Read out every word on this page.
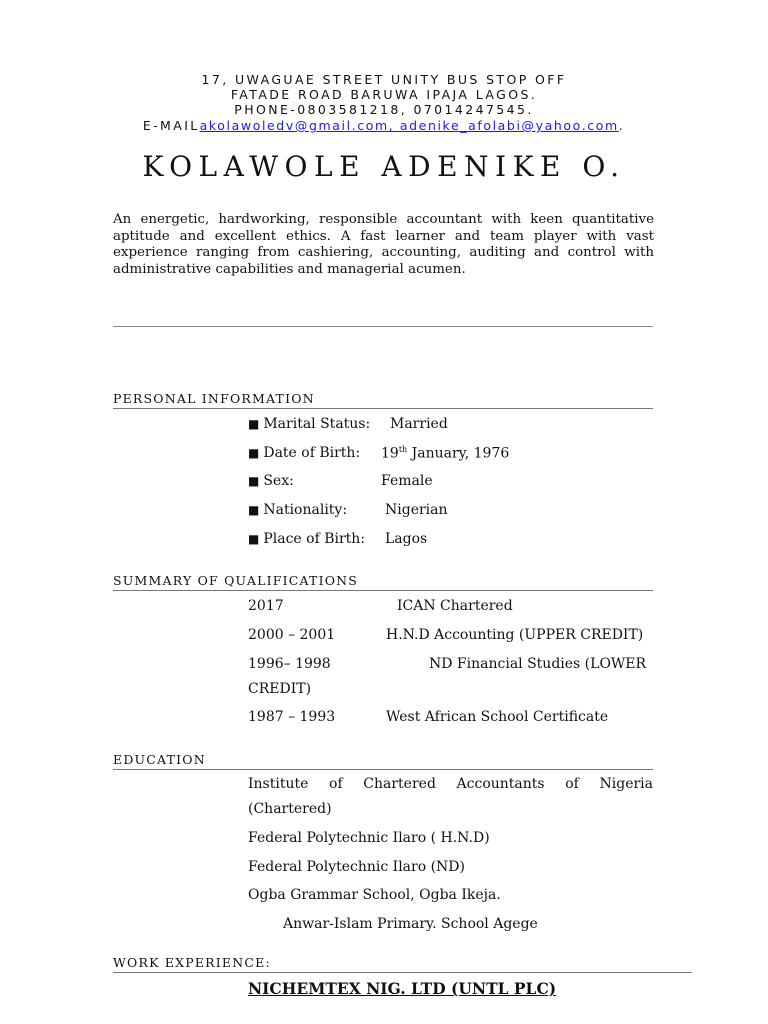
17, UWAGUAE STREET UNITY BUS STOP OFF
FATADE ROAD BARUWA IPAJA LAGOS.
PHONE-0803581218, 07014247545.
E-MAILakolawoledv@gmail.com, adenike_afolabi@yahoo.com.
KOLAWOLE ADENIKE O.
An energetic, hardworking, responsible accountant with keen quantitative aptitude and excellent ethics. A fast learner and team player with vast experience ranging from cashiering, accounting, auditing and control with administrative capabilities and managerial acumen.
PERSONAL INFORMATION
■ Marital Status: Married
■ Date of Birth: 19th January, 1976
■ Sex:	Female
■ Nationality:	Nigerian
■ Place of Birth: Lagos
SUMMARY OF QUALIFICATIONS
2017	ICAN Chartered
2000 – 2001	H.N.D Accounting (UPPER CREDIT)
1996– 1998	ND Financial Studies (LOWER
CREDIT)
1987 – 1993	West African School Certificate
EDUCATION
Institute of Chartered Accountants of Nigeria (Chartered)
Federal Polytechnic Ilaro ( H.N.D)
Federal Polytechnic Ilaro (ND)
Ogba Grammar School, Ogba Ikeja.
Anwar-Islam Primary. School Agege
WORK EXPERIENCE:
NICHEMTEX NIG. LTD (UNTL PLC)
